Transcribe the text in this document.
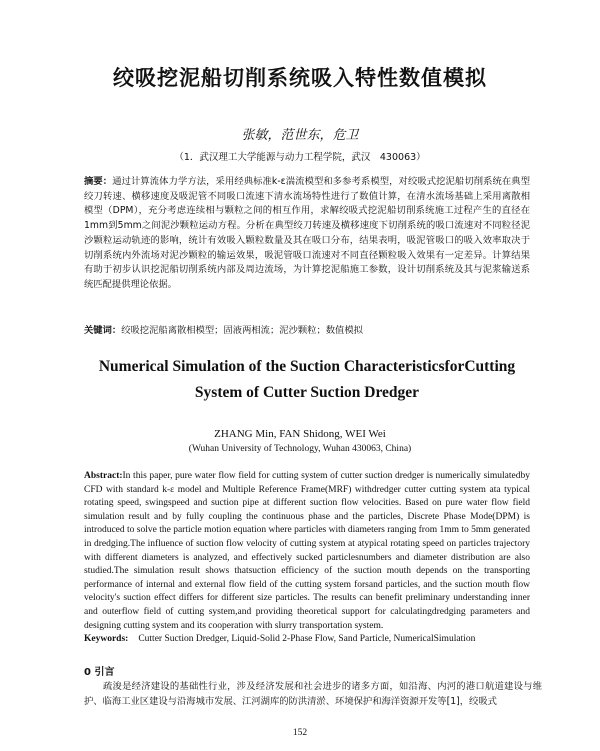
绞吸挖泥船切削系统吸入特性数值模拟
张敏，范世东，危卫
（1．武汉理工大学能源与动力工程学院，武汉　430063）
摘要：通过计算流体力学方法，采用经典标准k-ε湍流模型和多参考系模型，对绞吸式挖泥船切削系统在典型绞刀转速、横移速度及吸泥管不同吸口流速下清水流场特性进行了数值计算，在清水流场基础上采用离散相模型（DPM），充分考虑连续相与颗粒之间的相互作用，求解绞吸式挖泥船切削系统施工过程产生的直径在1mm到5mm之间泥沙颗粒运动方程。分析在典型绞刀转速及横移速度下切削系统的吸口流速对不同粒径泥沙颗粒运动轨迹的影响，统计有效吸入颗粒数量及其在吸口分布，结果表明，吸泥管吸口的吸入效率取决于切削系统内外流场对泥沙颗粒的输运效果，吸泥管吸口流速对不同直径颗粒吸入效果有一定差异。计算结果有助于初步认识挖泥船切削系统内部及周边流场，为计算挖泥船施工参数，设计切削系统及其与泥浆输送系统匹配提供理论依据。
关键词：绞吸挖泥船离散相模型；固液两相流；泥沙颗粒；数值模拟
Numerical Simulation of the Suction CharacteristicsforCutting System of Cutter Suction Dredger
ZHANG Min, FAN Shidong, WEI Wei
(Wuhan University of Technology, Wuhan 430063, China)
Abstract:In this paper, pure water flow field for cutting system of cutter suction dredger is numerically simulatedby CFD with standard k-ε model and Multiple Reference Frame(MRF) withdredger cutter cutting system ata typical rotating speed, swingspeed and suction pipe at different suction flow velocities. Based on pure water flow field simulation result and by fully coupling the continuous phase and the particles, Discrete Phase Mode(DPM) is introduced to solve the particle motion equation where particles with diameters ranging from 1mm to 5mm generated in dredging.The influence of suction flow velocity of cutting system at atypical rotating speed on particles trajectory with different diameters is analyzed, and effectively sucked particlesnumbers and diameter distribution are also studied.The simulation result shows thatsuction efficiency of the suction mouth depends on the transporting performance of internal and external flow field of the cutting system forsand particles, and the suction mouth flow velocity's suction effect differs for different size particles. The results can benefit preliminary understanding inner and outerflow field of cutting system,and providing theoretical support for calculatingdredging parameters and designing cutting system and its cooperation with slurry transportation system.
Keywords: Cutter Suction Dredger, Liquid-Solid 2-Phase Flow, Sand Particle, NumericalSimulation
0 引言
疏浚是经济建设的基础性行业，涉及经济发展和社会进步的诸多方面，如沿海、内河的港口航道建设与维护、临海工业区建设与沿海城市发展、江河湖库的防洪清淤、环境保护和海洋资源开发等[1]，绞吸式
152
